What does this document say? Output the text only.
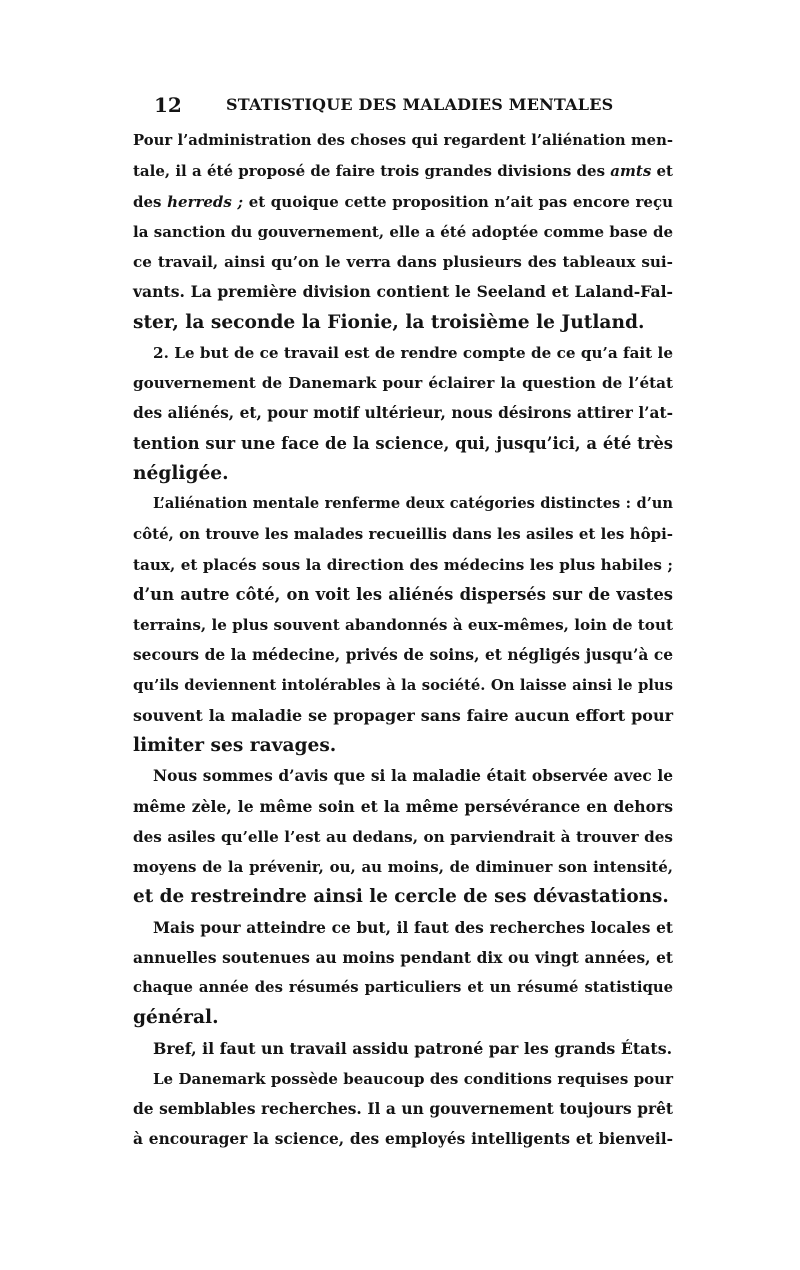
12	STATISTIQUE DES MALADIES MENTALES
Pour l’administration des choses qui regardent l’aliénation men-
tale, il a été proposé de faire trois grandes divisions des amts et
des herreds ; et quoique cette proposition n’ait pas encore reçu
la sanction du gouvernement, elle a été adoptée comme base de
ce travail, ainsi qu’on le verra dans plusieurs des tableaux sui-
vants. La première division contient le Seeland et Laland-Fal-
ster, la seconde la Fionie, la troisième le Jutland.
2. Le but de ce travail est de rendre compte de ce qu’a fait le
gouvernement de Danemark pour éclairer la question de l’état
des aliénés, et, pour motif ultérieur, nous désirons attirer l’at-
tention sur une face de la science, qui, jusqu’ici, a été très
négligée.
L’aliénation mentale renferme deux catégories distinctes : d’un
côté, on trouve les malades recueillis dans les asiles et les hôpi-
taux, et placés sous la direction des médecins les plus habiles ;
d’un autre côté, on voit les aliénés dispersés sur de vastes
terrains, le plus souvent abandonnés à eux-mêmes, loin de tout
secours de la médecine, privés de soins, et négligés jusqu’à ce
qu’ils deviennent intolérables à la société. On laisse ainsi le plus
souvent la maladie se propager sans faire aucun effort pour
limiter ses ravages.
Nous sommes d’avis que si la maladie était observée avec le
même zèle, le même soin et la même persévérance en dehors
des asiles qu’elle l’est au dedans, on parviendrait à trouver des
moyens de la prévenir, ou, au moins, de diminuer son intensité,
et de restreindre ainsi le cercle de ses dévastations.
Mais pour atteindre ce but, il faut des recherches locales et
annuelles soutenues au moins pendant dix ou vingt années, et
chaque année des résumés particuliers et un résumé statistique
général.
Bref, il faut un travail assidu patroné par les grands États.
Le Danemark possède beaucoup des conditions requises pour
de semblables recherches. Il a un gouvernement toujours prêt
à encourager la science, des employés intelligents et bienveil-
